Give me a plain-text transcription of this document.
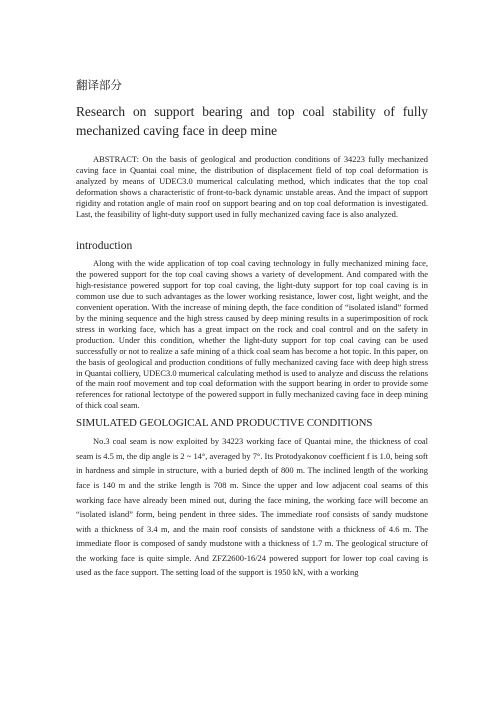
翻译部分

Research on support bearing and top coal stability of fully mechanized caving face in deep mine

ABSTRACT: On the basis of geological and production conditions of 34223 fully mechanized caving face in Quantai coal mine, the distribution of displacement field of top coal deformation is analyzed by means of UDEC3.0 mumerical calculating method, which indicates that the top coal deformation shows a characteristic of front-to-back dynamic unstable areas. And the impact of support rigidity and rotation angle of main roof on support bearing and on top coal deformation is investigated. Last, the feasibility of light-duty support used in fully mechanized caving face is also analyzed.

introduction

Along with the wide application of top coal caving technology in fully mechanized mining face, the powered support for the top coal caving shows a variety of development. And compared with the high-resistance powered support for top coal caving, the light-duty support for top coal caving is in common use due to such advantages as the lower working resistance, lower cost, light weight, and the convenient operation. With the increase of mining depth, the face condition of “isolated island” formed by the mining sequence and the high stress caused by deep mining results in a superimposition of rock stress in working face, which has a great impact on the rock and coal control and on the safety in production. Under this condition, whether the light-duty support for top coal caving can be used successfully or not to realize a safe mining of a thick coal seam has become a hot topic. In this paper, on the basis of geological and production conditions of fully mechanized caving face with deep high stress in Quantai colliery, UDEC3.0 mumerical calculating method is used to analyze and discuss the relations of the main roof movement and top coal deformation with the support bearing in order to provide some references for rational lectotype of the powered support in fully mechanized caving face in deep mining of thick coal seam.

SIMULATED GEOLOGICAL AND PRODUCTIVE CONDITIONS

No.3 coal seam is now exploited by 34223 working face of Quantai mine, the thickness of coal seam is 4.5 m, the dip angle is 2 ~ 14°, averaged by 7°. Its Protodyakonov coefficient f is 1.0, being soft in hardness and simple in structure, with a buried depth of 800 m. The inclined length of the working face is 140 m and the strike length is 708 m. Since the upper and low adjacent coal seams of this working face have already been mined out, during the face mining, the working face will become an “isolated island” form, being pendent in three sides. The immediate roof consists of sandy mudstone with a thickness of 3.4 m, and the main roof consists of sandstone with a thickness of 4.6 m. The immediate floor is composed of sandy mudstone with a thickness of 1.7 m. The geological structure of the working face is quite simple. And ZFZ2600-16/24 powered support for lower top coal caving is used as the face support. The setting load of the support is 1950 kN, with a working
